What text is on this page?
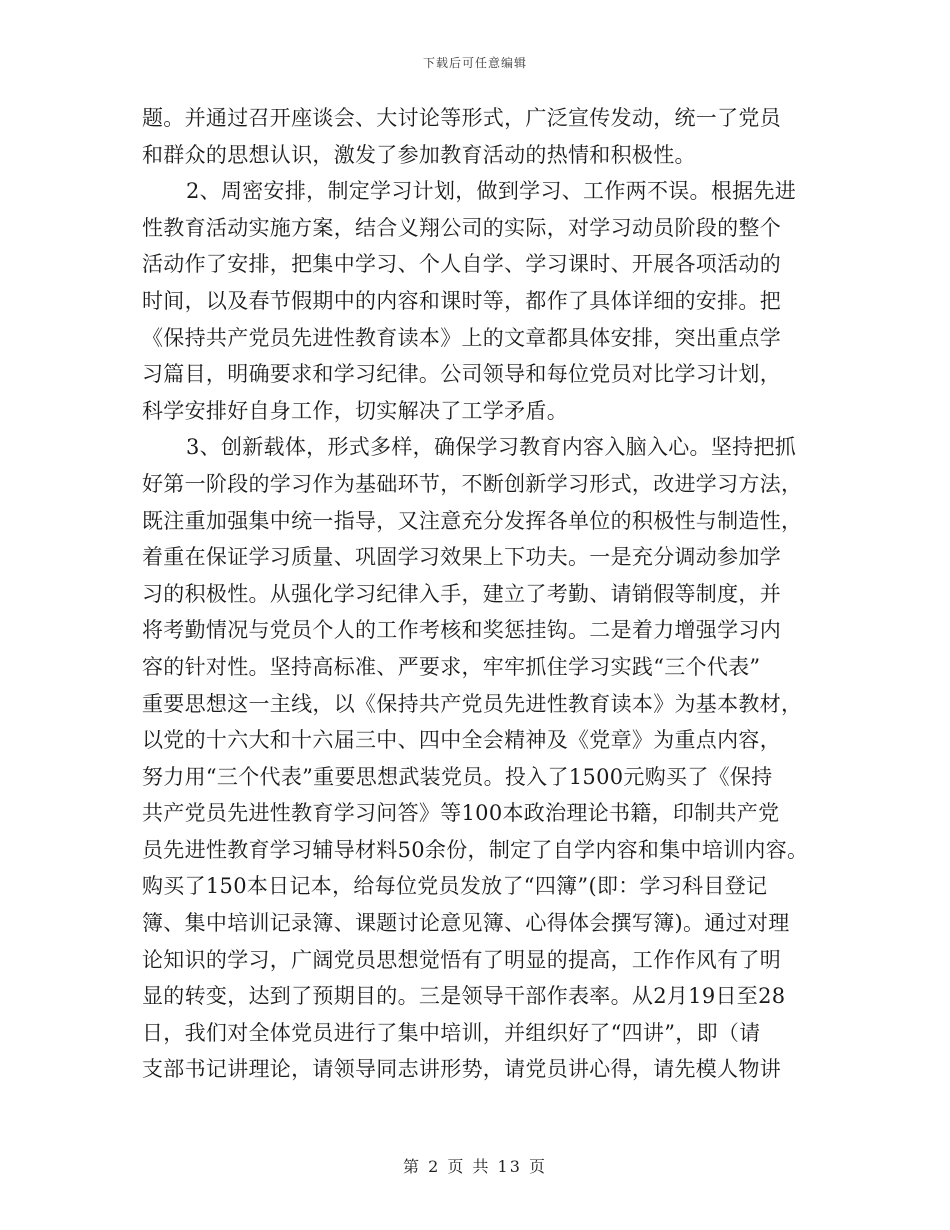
下载后可任意编辑
题。并通过召开座谈会、大讨论等形式，广泛宣传发动，统一了党员
和群众的思想认识，激发了参加教育活动的热情和积极性。
2、周密安排，制定学习计划，做到学习、工作两不误。根据先进
性教育活动实施方案，结合义翔公司的实际，对学习动员阶段的整个
活动作了安排，把集中学习、个人自学、学习课时、开展各项活动的
时间，以及春节假期中的内容和课时等，都作了具体详细的安排。把
《保持共产党员先进性教育读本》上的文章都具体安排，突出重点学
习篇目，明确要求和学习纪律。公司领导和每位党员对比学习计划，
科学安排好自身工作，切实解决了工学矛盾。
3、创新载体，形式多样，确保学习教育内容入脑入心。坚持把抓
好第一阶段的学习作为基础环节，不断创新学习形式，改进学习方法，
既注重加强集中统一指导，又注意充分发挥各单位的积极性与制造性，
着重在保证学习质量、巩固学习效果上下功夫。一是充分调动参加学
习的积极性。从强化学习纪律入手，建立了考勤、请销假等制度，并
将考勤情况与党员个人的工作考核和奖惩挂钩。二是着力增强学习内
容的针对性。坚持高标准、严要求，牢牢抓住学习实践“三个代表”
重要思想这一主线，以《保持共产党员先进性教育读本》为基本教材，
以党的十六大和十六届三中、四中全会精神及《党章》为重点内容，
努力用“三个代表”重要思想武装党员。投入了1500元购买了《保持
共产党员先进性教育学习问答》等100本政治理论书籍，印制共产党
员先进性教育学习辅导材料50余份，制定了自学内容和集中培训内容。
购买了150本日记本，给每位党员发放了“四簿”(即：学习科目登记
簿、集中培训记录簿、课题讨论意见簿、心得体会撰写簿)。通过对理
论知识的学习，广阔党员思想觉悟有了明显的提高，工作作风有了明
显的转变，达到了预期目的。三是领导干部作表率。从2月19日至28
日，我们对全体党员进行了集中培训，并组织好了“四讲”，即（请
支部书记讲理论，请领导同志讲形势，请党员讲心得，请先模人物讲
第 2 页 共 13 页
